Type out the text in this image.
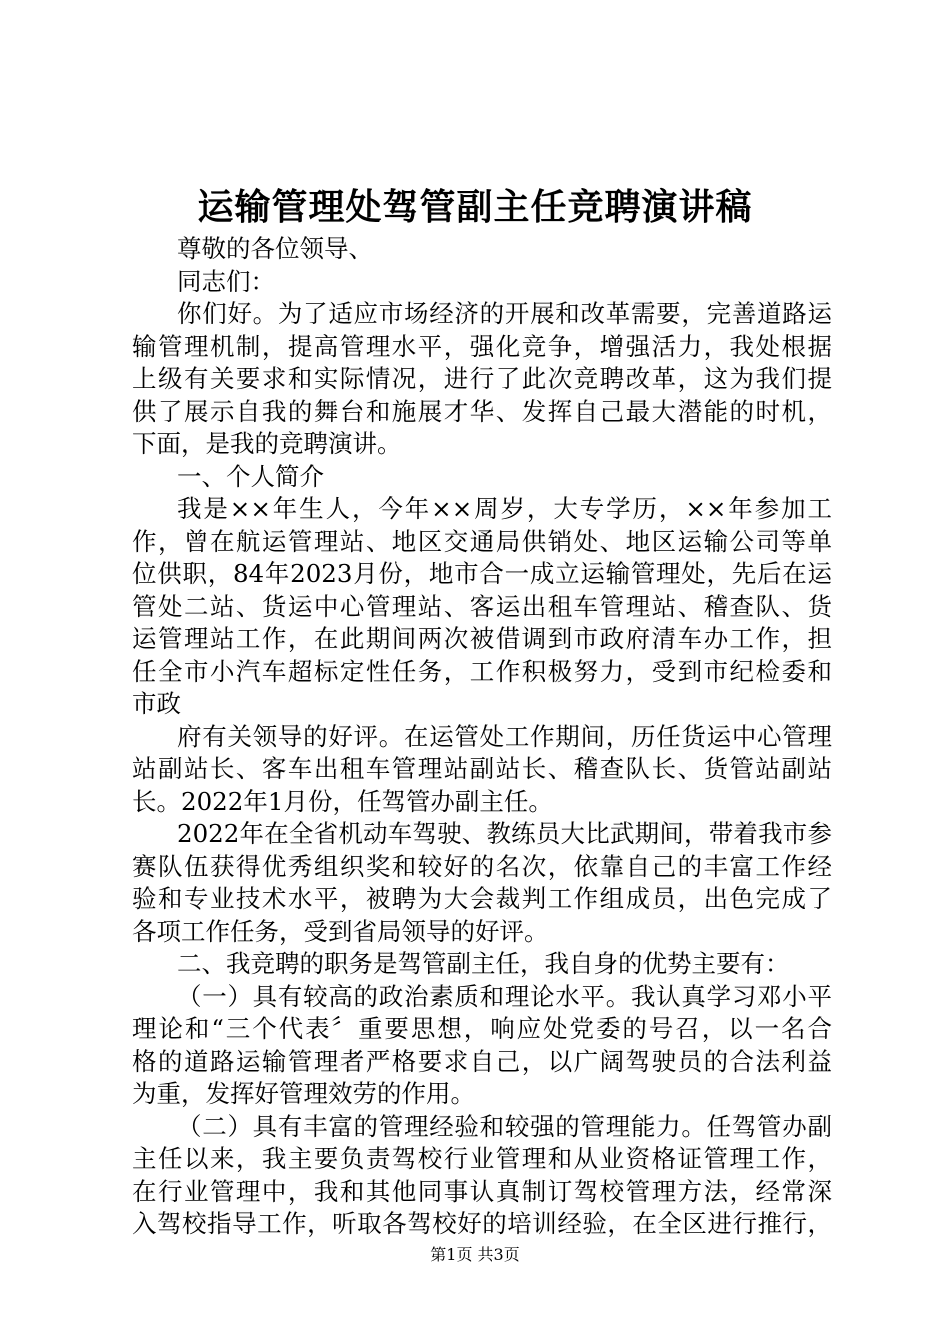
运输管理处驾管副主任竞聘演讲稿
尊敬的各位领导、
同志们：
你们好。为了适应市场经济的开展和改革需要，完善道路运
输管理机制，提高管理水平，强化竞争，增强活力，我处根据
上级有关要求和实际情况，进行了此次竞聘改革，这为我们提
供了展示自我的舞台和施展才华、发挥自己最大潜能的时机，
下面，是我的竞聘演讲。
一、个人简介
我是××年生人，今年××周岁，大专学历，××年参加工
作，曾在航运管理站、地区交通局供销处、地区运输公司等单
位供职，84年2023月份，地市合一成立运输管理处，先后在运
管处二站、货运中心管理站、客运出租车管理站、稽查队、货
运管理站工作，在此期间两次被借调到市政府清车办工作，担
任全市小汽车超标定性任务，工作积极努力，受到市纪检委和
市政
府有关领导的好评。在运管处工作期间，历任货运中心管理
站副站长、客车出租车管理站副站长、稽查队长、货管站副站
长。2022年1月份，任驾管办副主任。
2022年在全省机动车驾驶、教练员大比武期间，带着我市参
赛队伍获得优秀组织奖和较好的名次，依靠自己的丰富工作经
验和专业技术水平，被聘为大会裁判工作组成员，出色完成了
各项工作任务，受到省局领导的好评。
二、我竞聘的职务是驾管副主任，我自身的优势主要有：
（一）具有较高的政治素质和理论水平。我认真学习邓小平
理论和“三个代表〞重要思想，响应处党委的号召，以一名合
格的道路运输管理者严格要求自己，以广阔驾驶员的合法利益
为重，发挥好管理效劳的作用。
（二）具有丰富的管理经验和较强的管理能力。任驾管办副
主任以来，我主要负责驾校行业管理和从业资格证管理工作，
在行业管理中，我和其他同事认真制订驾校管理方法，经常深
入驾校指导工作，听取各驾校好的培训经验，在全区进行推行，
第1页 共3页
